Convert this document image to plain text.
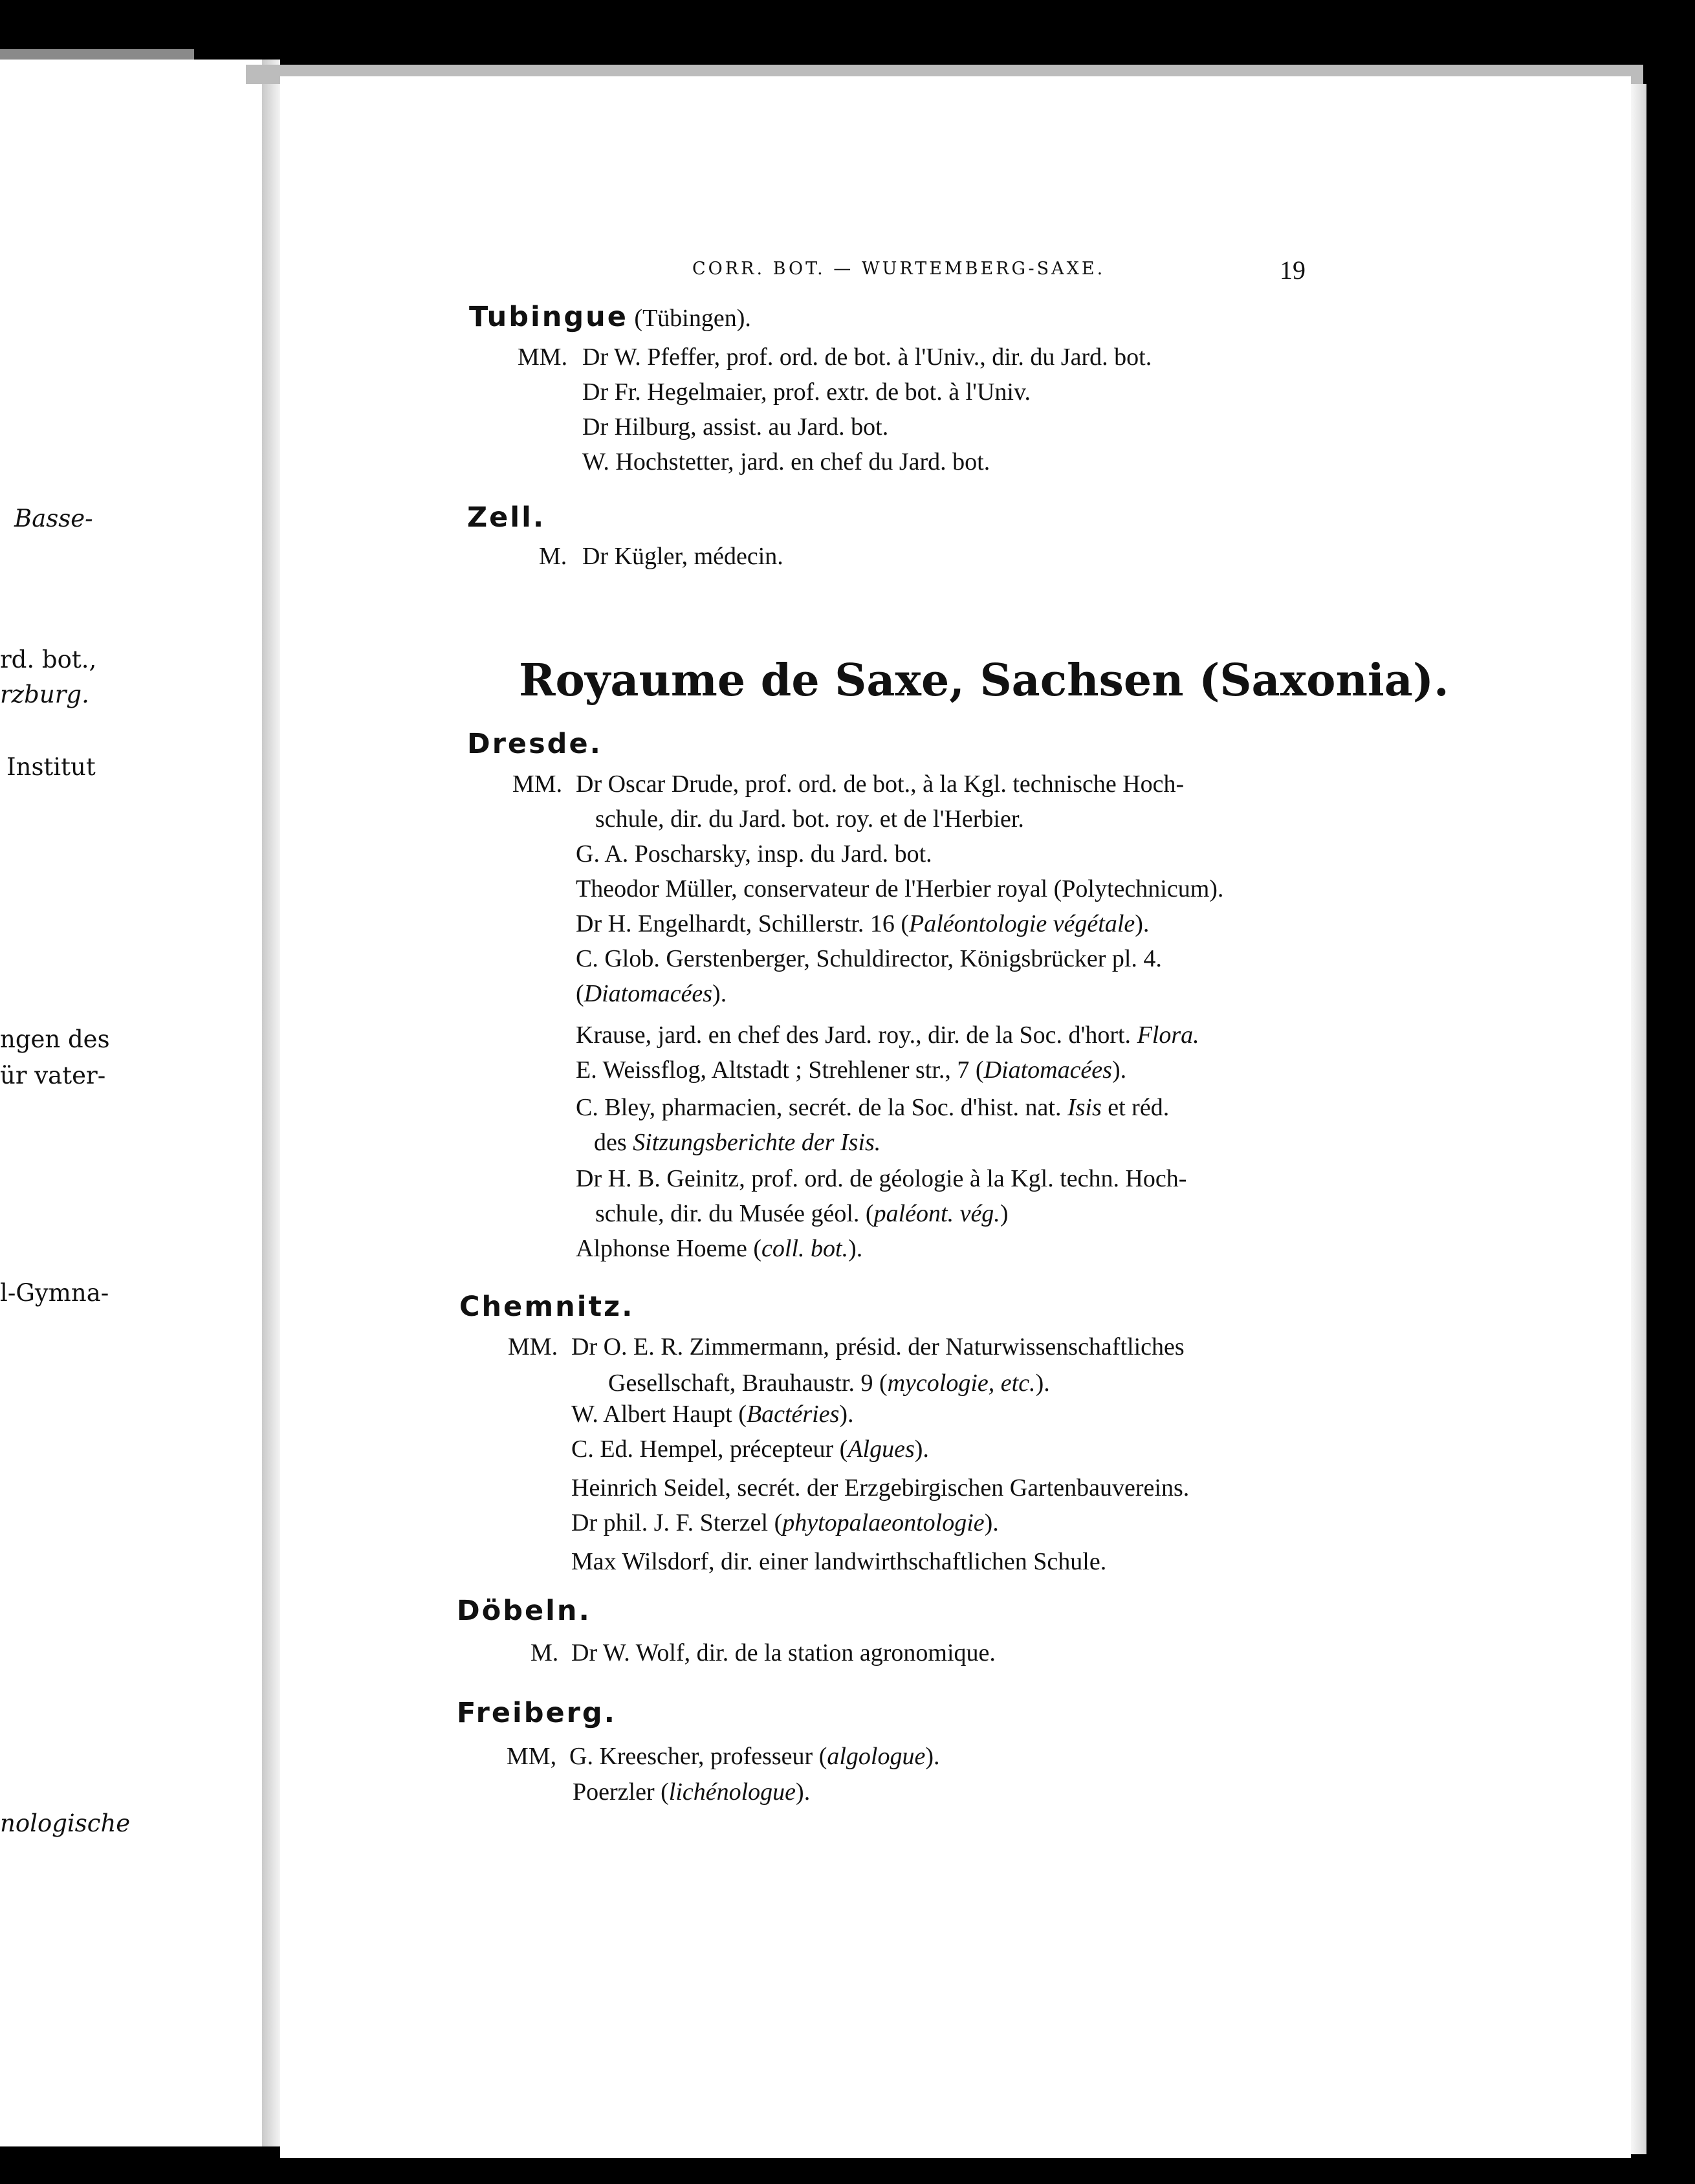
Basse-
rd. bot.,
rzburg.
Institut
ngen des
ür vater-
l-Gymna-
nologische
CORR. BOT. — WURTEMBERG-SAXE.	19
Tubingue (Tübingen).
MM. Dr W. Pfeffer, prof. ord. de bot. à l'Univ., dir. du Jard. bot.
Dr Fr. Hegelmaier, prof. extr. de bot. à l'Univ.
Dr Hilburg, assist. au Jard. bot.
W. Hochstetter, jard. en chef du Jard. bot.
Zell.
M. Dr Kügler, médecin.
Royaume de Saxe, Sachsen (Saxonia).
Dresde.
MM. Dr Oscar Drude, prof. ord. de bot., à la Kgl. technische Hoch-
schule, dir. du Jard. bot. roy. et de l'Herbier.
G. A. Poscharsky, insp. du Jard. bot.
Theodor Müller, conservateur de l'Herbier royal (Polytechnicum).
Dr H. Engelhardt, Schillerstr. 16 (Paléontologie végétale).
C. Glob. Gerstenberger, Schuldirector, Königsbrücker pl. 4.
(Diatomacées).
Krause, jard. en chef des Jard. roy., dir. de la Soc. d'hort. Flora.
E. Weissflog, Altstadt ; Strehlener str., 7 (Diatomacées).
C. Bley, pharmacien, secrét. de la Soc. d'hist. nat. Isis et réd.
des Sitzungsberichte der Isis.
Dr H. B. Geinitz, prof. ord. de géologie à la Kgl. techn. Hoch-
schule, dir. du Musée géol. (paléont. vég.)
Alphonse Hoeme (coll. bot.).
Chemnitz.
MM. Dr O. E. R. Zimmermann, présid. der Naturwissenschaftliches
Gesellschaft, Brauhaustr. 9 (mycologie, etc.).
W. Albert Haupt (Bactéries).
C. Ed. Hempel, précepteur (Algues).
Heinrich Seidel, secrét. der Erzgebirgischen Gartenbauvereins.
Dr phil. J. F. Sterzel (phytopalaeontologie).
Max Wilsdorf, dir. einer landwirthschaftlichen Schule.
Döbeln.
M. Dr W. Wolf, dir. de la station agronomique.
Freiberg.
MM, G. Kreescher, professeur (algologue).
Poerzler (lichénologue).
